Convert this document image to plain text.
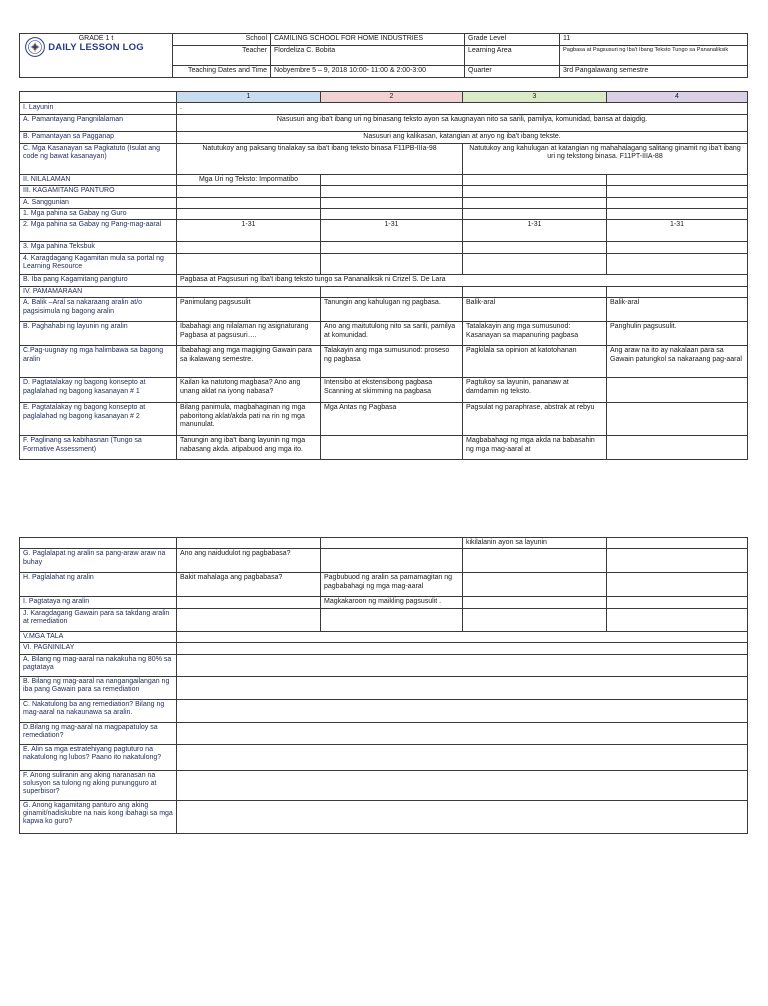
GRADE 1 t
DAILY LESSON LOG	School	CAMILING SCHOOL FOR HOME INDUSTRIES	Grade Level	11
	Teacher	Flordeliza C. Bobita	Learning Area	Pagbasa at Pagsusuri ng Iba't Ibang Teksto Tungo sa Pananaliksik
	Teaching Dates and Time	Nobyembre 5 – 9, 2018 10:00- 11:00 & 2:00-3:00	Quarter	3rd Pangalawang semestre
	1	2	3	4
I. Layunin	.			
A. Pamantayang Pangnilalaman	Nasusuri ang iba't ibang uri ng binasang teksto ayon sa kaugnayan nito sa sarili, pamilya, komunidad, bansa at daigdig.			
B. Pamantayan sa Pagganap	Nasusuri ang kalikasan, katangian at anyo ng iba't ibang tekste.			
C. Mga Kasanayan sa Pagkatuto (Isulat ang code ng bawat kasanayan)	Natutukoy ang paksang tinalakay sa iba't ibang teksto binasa F11PB-IIIa-98		Natutukoy ang kahulugan at katangian ng mahahalagang salitang ginamit ng iba't ibang uri ng tekstong binasa. F11PT-IIIA-88	
II. NILALAMAN	Mga Uri ng Teksto: Impormatibo			
III. KAGAMITANG PANTURO				
A. Sanggunian				
1. Mga pahina sa Gabay ng Guro				
2. Mga pahina sa Gabay ng Pang-mag-aaral	1-31	1-31	1-31	1-31
3. Mga pahina Teksbuk				
4. Karagdagang Kagamitan mula sa portal ng Learning Resource				
B. Iba pang Kagamitang pangturo	Pagbasa at Pagsusuri ng Iba't ibang teksto tungo sa Pananaliksik ni Crizel S. De Lara			
IV. PAMAMARAAN				
A. Balik –Aral sa nakaraang aralin at/o pagsisimula ng bagong aralin	Panimulang pagsusulit	Tanungin ang kahulugan ng pagbasa.	Balik-aral	Balik-aral
B. Paghahabi ng layunin ng aralin	Ibabahagi ang nilalaman ng asignaturang Pagbasa at pagsusuri….	Ano ang maitutulong nito sa sarili, pamilya at komunidad.	Tatalakayin ang mga sumusunod: Kasanayan sa mapanuring pagbasa	Panghulin pagsusulit.
C.Pag-uugnay ng mga halimbawa sa bagong aralin	Ibabahagi ang mga magiging Gawain para sa ikalawang semestre.	Talakayin ang mga sumusunod: proseso ng pagbasa	Pagkilala sa opinion at katotohanan	Ang araw na ito ay nakalaan para sa Gawain patungkol sa nakaraang pag-aaral
D. Pagtatalakay ng bagong konsepto at paglalahad ng bagong kasanayan # 1	Kailan ka natutong magbasa? Ano ang unang aklat na iyong nabasa?	Intensibo at ekstensibong pagbasa Scanning at skimming na pagbasa	Pagtukoy sa layunin, pananaw at damdamin ng teksto.	
E. Pagtatalakay ng bagong konsepto at paglalahad ng bagong kasanayan # 2	Bilang panimula, magbahaginan ng mga paboritong aklat/akda pati na rin ng mga manunulat.	Mga Antas ng Pagbasa	Pagsulat ng paraphrase, abstrak at rebyu	
F. Paglinang sa kabihasnan (Tungo sa Formative Assessment)	Tanungin ang iba't ibang layunin ng mga nabasang akda. atipabuod ang mga ito.		Magbabahagi ng mga akda na babasahin ng mga mag-aaral at	
			kikilalanin ayon sa layunin	
G. Paglalapat ng aralin sa pang-araw araw na buhay	Ano ang naidudulot ng pagbabasa?			
H. Paglalahat ng aralin	Bakit mahalaga ang pagbabasa?	Pagbubuod ng aralin sa pamamagitan ng pagbabahagi ng mga mag-aaral		
I. Pagtataya ng aralin		Magkakaroon ng maikling pagsusulit .		
J. Karagdagang Gawain para sa takdang aralin at remediation				
V.MGA TALA				
VI. PAGNINILAY				
A. Bilang ng mag-aaral na nakakuha ng 80% sa pagtataya				
B. Bilang ng mag-aaral na nangangailangan ng iba pang Gawain para sa remediation				
C. Nakatulong ba ang remediation? Bilang ng mag-aaral na nakaunawa sa aralin.				
D.Bilang ng mag-aaral na magpapatuloy sa remediation?				
E. Alin sa mga estratehiyang pagtuturo na nakatulong ng lubos? Paano ito nakatulong?				
F. Anong suliranin ang aking naranasan na solusyon sa tulong ng aking punungguro at superbisor?				
G. Anong kagamitang panturo ang aking ginamit/nadiskubre na nais kong ibahagi sa mga kapwa ko guro?				
